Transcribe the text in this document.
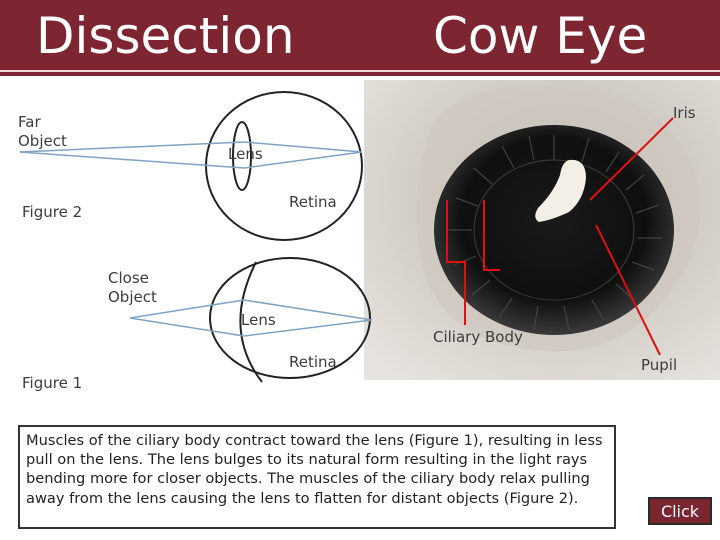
Dissection	Cow Eye
Far
Object
Lens
Retina
Figure 2
Close
Object
Lens
Retina
Figure 1
Iris
Ciliary Body
Pupil
Muscles of the ciliary body contract toward the lens (Figure 1), resulting in less pull on the lens. The lens bulges to its natural form resulting in the light rays bending more for closer objects. The muscles of the ciliary body relax pulling away from the lens causing the lens to flatten for distant objects (Figure 2).
Click
